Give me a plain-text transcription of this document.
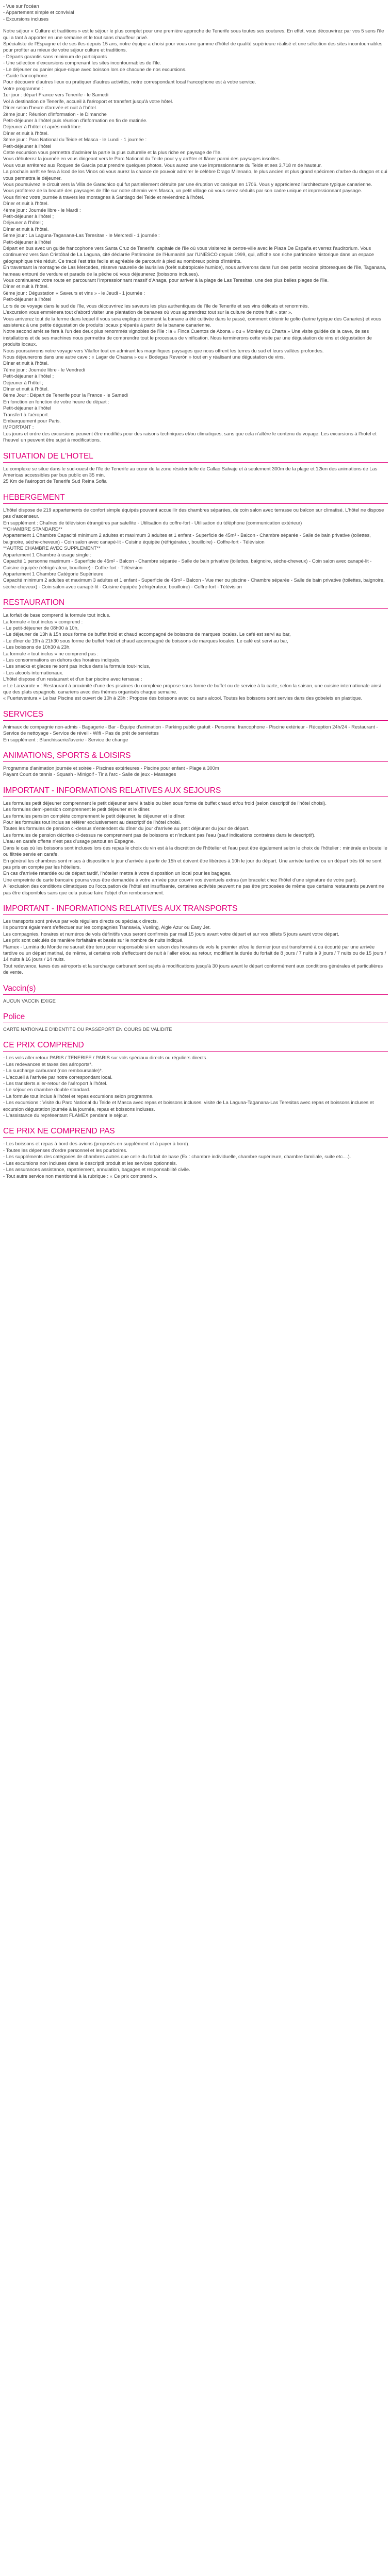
- Vue sur l'océan
- Appartement simple et convivial
- Excursions incluses
Notre séjour « Culture et traditions » est le séjour le plus complet pour une première approche de Tenerife sous toutes ses coutures. En effet, vous découvrirez par vos 5 sens l'île qui a tant à apporter en une semaine et le tout sans chauffeur privé.
Spécialiste de l'Espagne et de ses îles depuis 15 ans, notre équipe a choisi pour vous une gamme d'hôtel de qualité supérieure réalisé et une sélection des sites incontournables pour profiter au mieux de votre séjour culture et traditions.
- Départs garantis sans minimum de participants
- Une sélection d'excursions comprenant les sites incontournables de l'île.
- Le déjeuner ou panier pique-nique avec boisson lors de chacune de nos excursions.
- Guide francophone.
Pour découvrir d'autres lieux ou pratiquer d'autres activités, notre correspondant local francophone est à votre service.
Votre programme :
1er jour : départ France vers Tenerife - le Samedi
Vol à destination de Tenerife, accueil à l'aéroport et transfert jusqu'à votre hôtel.
Dîner selon l'heure d'arrivée et nuit à l'hôtel.
2ème jour : Réunion d'information - le Dimanche
Petit-déjeuner à l'hôtel puis réunion d'information en fin de matinée.
Déjeuner à l'hôtel et après-midi libre.
Dîner et nuit à l'hôtel.
3ème jour : Parc National du Teide et Masca - le Lundi - 1 journée :
Petit-déjeuner à l'hôtel
Cette excursion vous permettra d'admirer la partie la plus culturelle et la plus riche en paysage de l'île.
Vous débuterez la journée en vous dirigeant vers le Parc National du Teide pour y y arrêter et flâner parmi des paysages insolites.
Vous vous arrêterez aux Roques de Garcia pour prendre quelques photos. Vous aurez une vue impressionnante du Teide et ses 3.718 m de hauteur.
La prochain arrêt se fera à Icod de los Vinos où vous aurez la chance de pouvoir admirer le célèbre Drago Milenario, le plus ancien et plus grand spécimen d'arbre du dragon et qui vous permettra le déjeuner.
Vous poursuivrez le circuit vers la Villa de Garachico qui fut partiellement détruite par une éruption volcanique en 1706. Vous y apprécierez l'architecture typique canarienne.
Vous profiterez de la beauté des paysages de l'île sur notre chemin vers Masca, un petit village où vous serez séduits par son cadre unique et impressionnant paysage.
Vous finirez votre journée à travers les montagnes à Santiago del Teide et reviendrez à l'hôtel.
Dîner et nuit à l'hôtel.
4ème jour : Journée libre - le Mardi :
Petit-déjeuner à l'hôtel ;
Déjeuner à l'hôtel ;
Dîner et nuit à l'hôtel.
5ème jour : La Laguna-Taganana-Las Teresitas - le Mercredi - 1 journée :
Petit-déjeuner à l'hôtel
Départ en bus avec un guide francophone vers Santa Cruz de Tenerife, capitale de l'île où vous visiterez le centre-ville avec le Plaza De España et verrez l'auditorium. Vous continuerez vers San Cristóbal de La Laguna, cité déclarée Patrimoine de l'Humanité par l'UNESCO depuis 1999, qui, affiche son riche patrimoine historique dans un espace géographique très réduit. Ce tracé l'est très facile et agréable de parcourir à pied au nombreux points d'intérêts.
En traversant la montagne de Las Mercedes, réserve naturelle de laurisilva (forêt subtropicale humide), nous arriverons dans l'un des petits recoins pittoresques de l'île, Taganana, hameau entouré de verdure et paradis de la pêche où vous déjeunerez (boissons incluses).
Vous continuerez votre route en parcourant l'impressionnant massif d'Anaga, pour arriver à la plage de Las Teresitas, une des plus belles plages de l'île.
Dîner et nuit à l'hôtel.
6ème jour : Dégustation « Saveurs et vins » - le Jeudi - 1 journée :
Petit-déjeuner à l'hôtel
Lors de ce voyage dans le sud de l'île, vous découvrirez les saveurs les plus authentiques de l'île de Tenerife et ses vins délicats et renommés.
L'excursion vous emmènera tout d'abord visiter une plantation de bananes où vous apprendrez tout sur la culture de notre fruit « star ».
Vous arriverez tout de la ferme dans lequel il vous sera expliqué comment la banane a été cultivée dans le passé, comment obtenir le gofio (farine typique des Canaries) et vous assisterez à une petite dégustation de produits locaux préparés à partir de la banane canarienne.
Notre second arrêt se fera à l'un des deux plus renommés vignobles de l'île : la « Finca Cuentos de Abona » ou « Monkey du Charta » Une visite guidée de la cave, de ses installations et de ses machines nous permettra de comprendre tout le processus de vinification. Nous terminerons cette visite par une dégustation de vins et dégustation de produits locaux.
Nous poursuivrons notre voyage vers Vilaflor tout en admirant les magnifiques paysages que nous offrent les terres du sud et leurs vallées profondes.
Nous déjeunerons dans une autre cave : « Lagar de Chasna » ou « Bodegas Reverón » tout en y réalisant une dégustation de vins.
Dîner et nuit à l'hôtel.
7ème jour : Journée libre - le Vendredi
Petit-déjeuner à l'hôtel ;
Déjeuner à l'hôtel ;
Dîner et nuit à l'hôtel.
8ème Jour : Départ de Tenerife pour la France - le Samedi
En fonction en fonction de votre heure de départ :
Petit-déjeuner à l'hôtel
Transfert à l'aéroport.
Embarquement pour Paris.
IMPORTANT :
Les jours et ordre des excursions peuvent être modifiés pour des raisons techniques et/ou climatiques, sans que cela n'altère le contenu du voyage. Les excursions à l'hotel et l'heuvel un peuvent être sujet à modifications.
SITUATION DE L'HOTEL
Le complexe se situe dans le sud-ouest de l'île de Tenerife au cœur de la zone résidentielle de Callao Salvaje et à seulement 300m de la plage et 12km des animations de Las Americas accessibles par bus public en 35 min.
25 Km de l'aéroport de Tenerife Sud Reina Sofia
HEBERGEMENT
L'hôtel dispose de 219 appartements de confort simple équipés pouvant accueillir des chambres séparées, de coin salon avec terrasse ou balcon sur climatisé. L'hôtel ne dispose pas d'ascenseur.
En supplément : Chaînes de télévision étrangères par satellite - Utilisation du coffre-fort - Utilisation du téléphone (communication extérieur)
**CHAMBRE STANDARD**
Appartement 1 Chambre Capacité minimum 2 adultes et maximum 3 adultes et 1 enfant - Superficie de 45m² - Balcon - Chambre séparée - Salle de bain privative (toilettes, baignoire, sèche-cheveux) - Coin salon avec canapé-lit - Cuisine équipée (réfrigérateur, bouilloire) - Coffre-fort - Télévision
**AUTRE CHAMBRE AVEC SUPPLEMENT**
Appartement 1 Chambre à usage single :
Capacité 1 personne maximum - Superficie de 45m² - Balcon - Chambre séparée - Salle de bain privative (toilettes, baignoire, sèche-cheveux) - Coin salon avec canapé-lit - Cuisine équipée (réfrigérateur, bouilloire) - Coffre-fort - Télévision
Appartement 1 Chambre Catégorie Supérieure
Capacité minimum 2 adultes et maximum 3 adultes et 1 enfant - Superficie de 45m² - Balcon - Vue mer ou piscine - Chambre séparée - Salle de bain privative (toilettes, baignoire, sèche-cheveux) - Coin salon avec canapé-lit - Cuisine équipée (réfrigérateur, bouilloire) - Coffre-fort - Télévision
RESTAURATION
La forfait de base comprend la formule tout inclus.
La formule « tout inclus » comprend :
- Le petit-déjeuner de 08h00 à 10h,
- Le déjeuner de 13h à 15h sous forme de buffet froid et chaud accompagné de boissons de marques locales. Le café est servi au bar,
- Le dîner de 19h à 21h30 sous forme de buffet froid et chaud accompagné de boissons de marques locales. Le café est servi au bar,
- Les boissons de 10h30 à 23h.
La formule « tout inclus » ne comprend pas :
- Les consommations en dehors des horaires indiqués,
- Les snacks et glaces ne sont pas inclus dans la formule tout-inclus,
- Les alcools internationaux.
L'hôtel dispose d'un restaurant et d'un bar piscine avec terrasse :
« Le Lanzarote » : Restaurant à proximité d'une des piscines du complexe propose sous forme de buffet ou de service à la carte, selon la saison, une cuisine internationale ainsi que des plats espagnols, canariens avec des thèmes organisés chaque semaine.
« Fuerteventura » Le bar Piscine est ouvert de 10h à 23h : Propose des boissons avec ou sans alcool. Toutes les boissons sont servies dans des gobelets en plastique.
SERVICES
Animaux de compagnie non-admis - Bagagerie - Bar - Équipe d'animation - Parking public gratuit - Personnel francophone - Piscine extérieur - Réception 24h/24 - Restaurant - Service de nettoyage - Service de réveil - Wifi - Pas de prêt de serviettes
En supplément : Blanchisserie/laverie - Service de change
ANIMATIONS, SPORTS & LOISIRS
Programme d'animation journée et soirée - Piscines extérieures - Piscine pour enfant - Plage à 300m
Payant Court de tennis - Squash - Minigolf - Tir à l'arc - Salle de jeux - Massages
IMPORTANT - INFORMATIONS RELATIVES AUX SEJOURS
Les formules petit déjeuner comprennent le petit déjeuner servi à table ou bien sous forme de buffet chaud et/ou froid (selon descriptif de l'hôtel choisi).
Les formules demi-pension comprennent le petit déjeuner et le dîner.
Les formules pension complète comprennent le petit déjeuner, le déjeuner et le dîner.
Pour les formules tout inclus se référer exclusivement au descriptif de l'hôtel choisi.
Toutes les formules de pension ci-dessus s'entendent du dîner du jour d'arrivée au petit déjeuner du jour de départ.
Les formules de pension décrites ci-dessus ne comprennent pas de boissons et n'incluent pas l'eau (sauf indications contraires dans le descriptif).
L'eau en carafe offerte n'est pas d'usage partout en Espagne.
Dans le cas où les boissons sont incluses lors des repas le choix du vin est à la discrétion de l'hôtelier et l'eau peut être également selon le choix de l'hôtelier : minérale en bouteille ou filtrée servie en carafe.
En général les chambres sont mises à disposition le jour d'arrivée à partir de 15h et doivent être libérées à 10h le jour du départ. Une arrivée tardive ou un départ très tôt ne sont pas pris en compte par les hôteliers.
En cas d'arrivée retardée ou de départ tardif, l'hôtelier mettra à votre disposition un local pour les bagages.
Une empreinte de carte bancaire pourra vous être demandée à votre arrivée pour couvrir vos éventuels extras (un bracelet chez l'hôtel d'une signature de votre part).
A l'exclusion des conditions climatiques ou l'occupation de l'hôtel est insuffisante, certaines activités peuvent ne pas être proposées de même que certains restaurants peuvent ne pas être disponibles sans que cela puisse faire l'objet d'un remboursement.
IMPORTANT - INFORMATIONS RELATIVES AUX TRANSPORTS
Les transports sont prévus par vols réguliers directs ou spéciaux directs.
Ils pourront également s'effectuer sur les compagnies Transavia, Vueling, Aigle Azur ou Easy Jet.
Les compagnies, horaires et numéros de vols définitifs vous seront confirmés par mail 15 jours avant votre départ et sur vos billets 5 jours avant votre départ.
Les prix sont calculés de manière forfaitaire et basés sur le nombre de nuits indiqué.
Flamex - Lumiria du Monde ne saurait être tenu pour responsable si en raison des horaires de vols le premier et/ou le dernier jour est transformé à ou écourté par une arrivée tardive ou un départ matinal, de même, si certains vols s'effectuent de nuit à l'aller et/ou au retour, modifiant la durée du forfait de 8 jours / 7 nuits à 9 jours / 7 nuits ou de 15 jours / 14 nuits à 16 jours / 14 nuits.
Tout redevance, taxes des aéroports et la surcharge carburant sont sujets à modifications jusqu'à 30 jours avant le départ conformément aux conditions générales et particulières de vente.
Vaccin(s)
AUCUN VACCIN EXIGE
Police
CARTE NATIONALE D'IDENTITE OU PASSEPORT EN COURS DE VALIDITE
CE PRIX COMPREND
- Les vols aller retour PARIS / TENERIFE / PARIS sur vols spéciaux directs ou réguliers directs.
- Les redevances et taxes des aéroports*.
- La surcharge carburant (non remboursable)*.
- L'accueil à l'arrivée par notre correspondant local.
- Les transferts aller-retour de l'aéroport à l'hôtel.
- Le séjour en chambre double standard.
- La formule tout inclus à l'hôtel et repas excursions selon programme.
- Les excursions : Visite du Parc National du Teide et Masca avec repas et boissons incluses. visite de La Laguna-Taganana-Las Teresitas avec repas et boissons incluses et excursion dégustation journée à la journée, repas et boissons incluses.
- L'assistance du représentant FLAMEX pendant le séjour.
CE PRIX NE COMPREND PAS
- Les boissons et repas à bord des avions (proposés en supplément et à payer à bord).
- Toutes les dépenses d'ordre personnel et les pourboires.
- Les suppléments des catégories de chambres autres que celle du forfait de base (Ex : chambre individuelle, chambre supérieure, chambre familiale, suite etc....).
- Les excursions non incluses dans le descriptif produit et les services optionnels.
- Les assurances assistance, rapatriement, annulation, bagages et responsabilité civile.
- Tout autre service non mentionné à la rubrique : « Ce prix comprend ».
